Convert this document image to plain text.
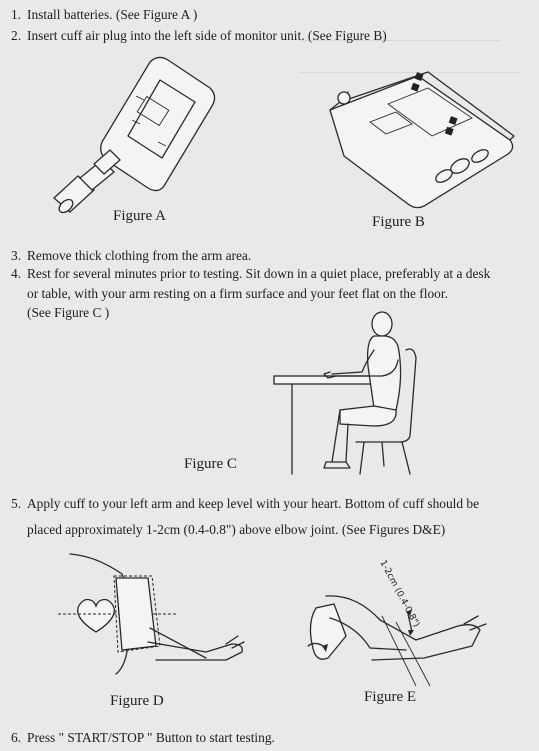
1. Install batteries. (See Figure A )
2. Insert cuff air plug into the left side of monitor unit. (See Figure B)
Figure A
■ ■
■ ■
Figure B
3. Remove thick clothing from the arm area.
4. Rest for several minutes prior to testing. Sit down in a quiet place, preferably at a desk
or table, with your arm resting on a firm surface and your feet flat on the floor.
(See Figure C )
Figure C
5. Apply cuff to your left arm and keep level with your heart. Bottom of cuff should be
placed approximately 1-2cm (0.4-0.8") above elbow joint. (See Figures D&E)
Figure D
1-2cm (0.4-0.8")
Figure E
6. Press " START/STOP " Button to start testing.
